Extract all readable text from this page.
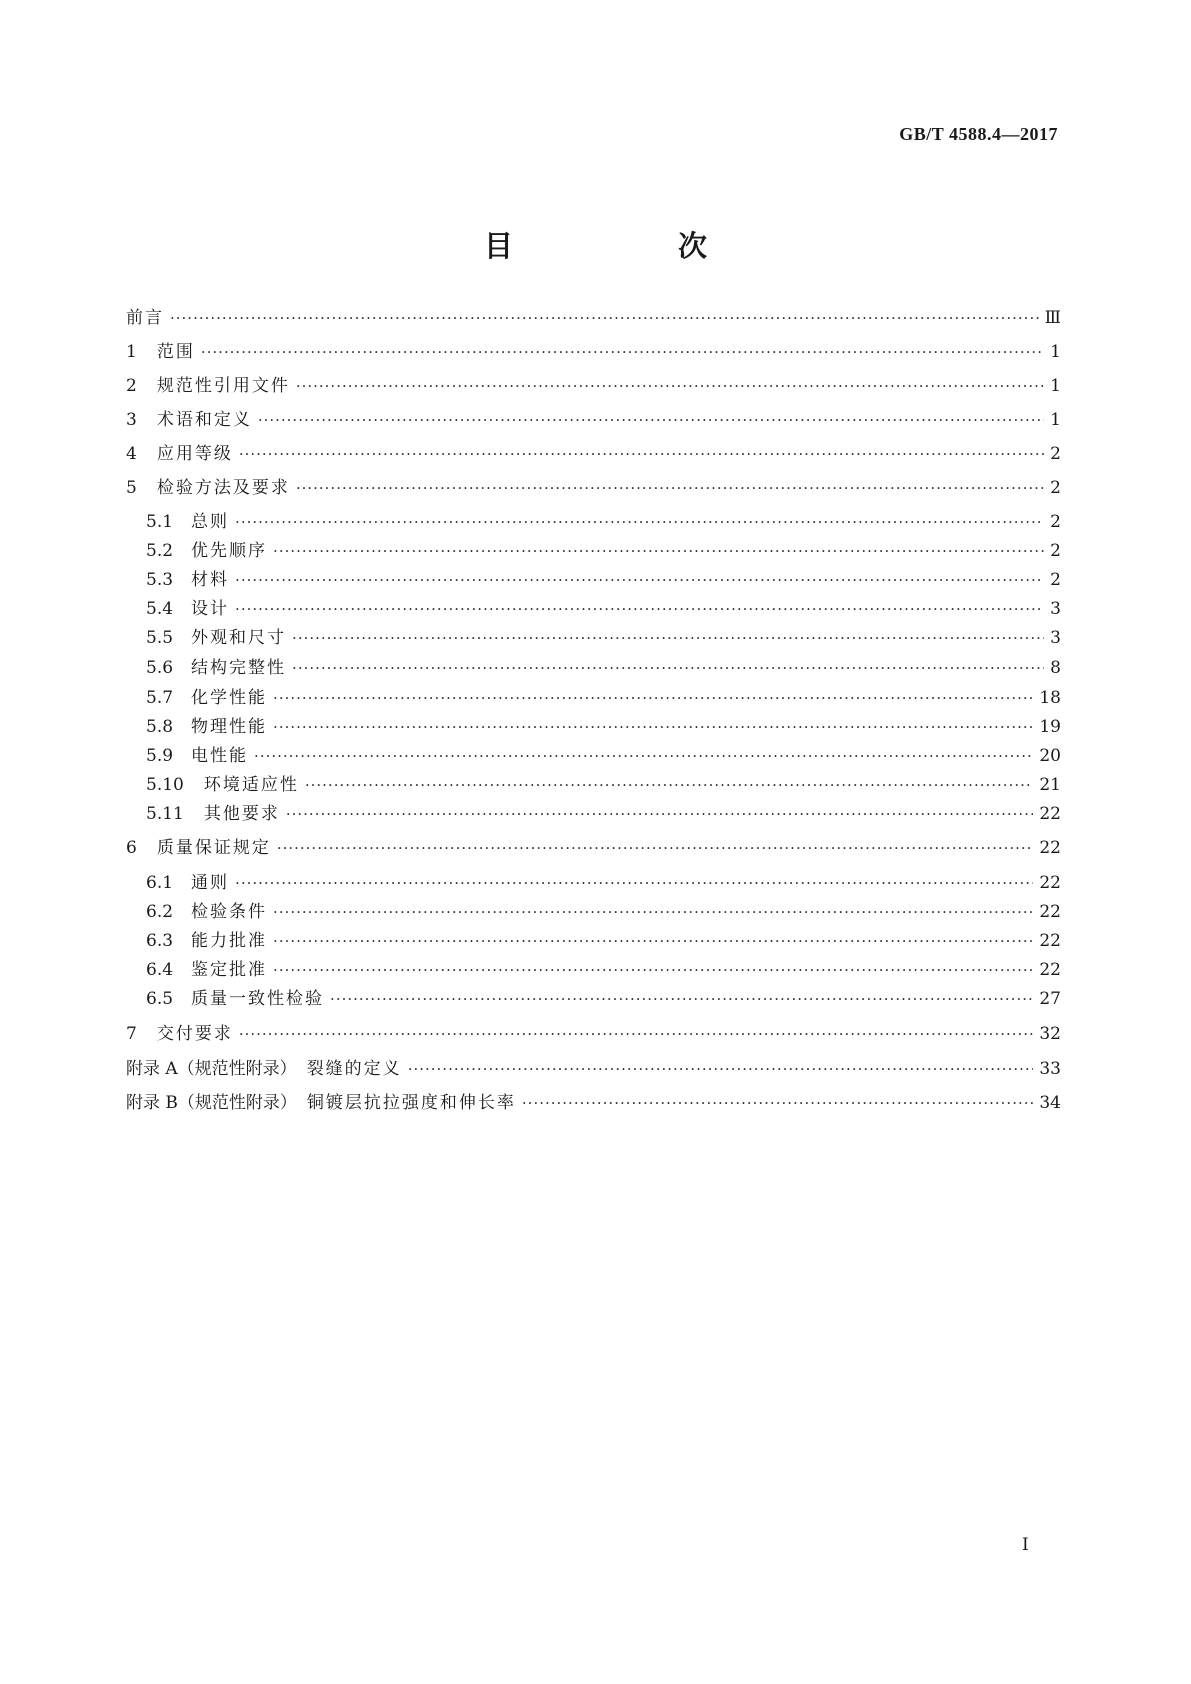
GB/T 4588.4—2017
目　次
前言 ·····	Ⅲ
1 范围 ·····	1
2 规范性引用文件 ·····	1
3 术语和定义 ·····	1
4 应用等级 ·····	2
5 检验方法及要求 ·····	2
5.1 总则 ·····	2
5.2 优先顺序 ·····	2
5.3 材料 ·····	2
5.4 设计 ·····	3
5.5 外观和尺寸 ·····	3
5.6 结构完整性 ·····	8
5.7 化学性能 ·····	18
5.8 物理性能 ·····	19
5.9 电性能 ·····	20
5.10 环境适应性 ·····	21
5.11 其他要求 ·····	22
6 质量保证规定 ·····	22
6.1 通则 ·····	22
6.2 检验条件 ·····	22
6.3 能力批准 ·····	22
6.4 鉴定批准 ·····	22
6.5 质量一致性检验 ·····	27
7 交付要求 ·····	32
附录 A（规范性附录） 裂缝的定义 ·····	33
附录 B（规范性附录） 铜镀层抗拉强度和伸长率 ·····	34
I
